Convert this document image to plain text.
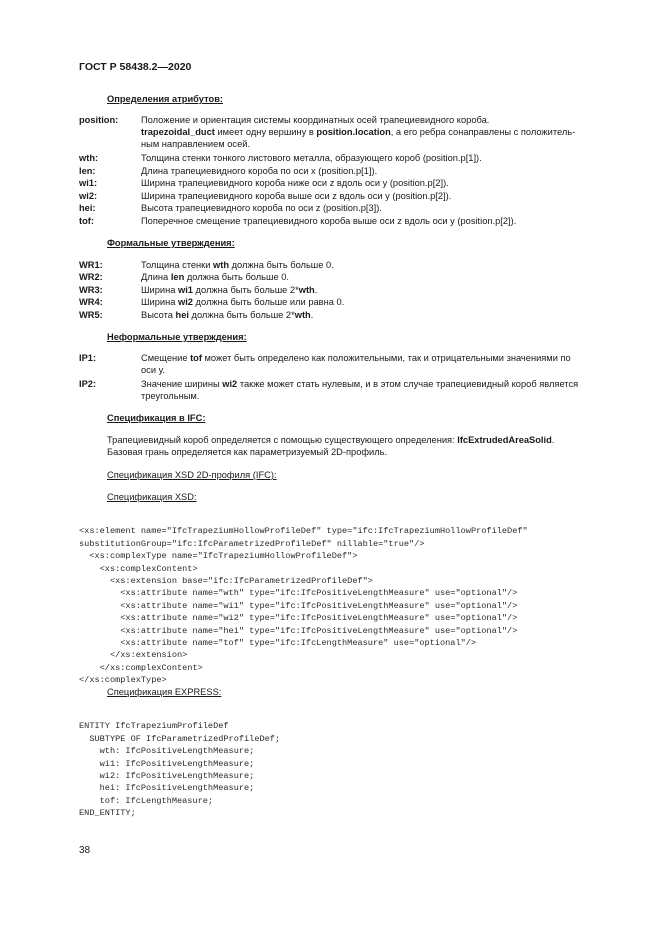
ГОСТ Р 58438.2—2020
Определения атрибутов:
position: Положение и ориентация системы координатных осей трапециевидного короба.
trapezoidal_duct имеет одну вершину в position.location, а его ребра сонаправлены с положитель-
ным направлением осей.
wth:	Толщина стенки тонкого листового металла, образующего короб (position.p[1]).
len:	Длина трапециевидного короба по оси x (position.p[1]).
wi1:	Ширина трапециевидного короба ниже оси z вдоль оси y (position.p[2]).
wi2:	Ширина трапециевидного короба выше оси z вдоль оси y (position.p[2]).
hei:	Высота трапециевидного короба по оси z (position.p[3]).
tof:	Поперечное смещение трапециевидного короба выше оси z вдоль оси y (position.p[2]).
Формальные утверждения:
WR1:	Толщина стенки wth должна быть больше 0.
WR2:	Длина len должна быть больше 0.
WR3:	Ширина wi1 должна быть больше 2*wth.
WR4:	Ширина wi2 должна быть больше или равна 0.
WR5:	Высота hei должна быть больше 2*wth.
Неформальные утверждения:
IP1:	Смещение tof может быть определено как положительными, так и отрицательными значениями по
оси y.
IP2:	Значение ширины wi2 также может стать нулевым, и в этом случае трапециевидный короб является
треугольным.
Спецификация в IFC:
Трапециевидный короб определяется с помощью существующего определения: IfcExtrudedAreaSolid.
Базовая грань определяется как параметризуемый 2D-профиль.
Спецификация XSD 2D-профиля (IFC):
Спецификация XSD:

<xs:element name="IfcTrapeziumHollowProfileDef" type="ifc:IfcTrapeziumHollowProfileDef"
substitutionGroup="ifc:IfcParametrizedProfileDef" nillable="true"/>
<xs:complexType name="IfcTrapeziumHollowProfileDef">
<xs:complexContent>
<xs:extension base="ifc:IfcParametrizedProfileDef">
<xs:attribute name="wth" type="ifc:IfcPositiveLengthMeasure" use="optional"/>
<xs:attribute name="wi1" type="ifc:IfcPositiveLengthMeasure" use="optional"/>
<xs:attribute name="wi2" type="ifc:IfcPositiveLengthMeasure" use="optional"/>
<xs:attribute name="hei" type="ifc:IfcPositiveLengthMeasure" use="optional"/>
<xs:attribute name="tof" type="ifc:IfcLengthMeasure" use="optional"/>
</xs:extension>
</xs:complexContent>
</xs:complexType>

Спецификация EXPRESS:

ENTITY IfcTrapeziumProfileDef
SUBTYPE OF IfcParametrizedProfileDef;
wth: IfcPositiveLengthMeasure;
wi1: IfcPositiveLengthMeasure;
wi2: IfcPositiveLengthMeasure;
hei: IfcPositiveLengthMeasure;
tof: IfcLengthMeasure;
END_ENTITY;

38
